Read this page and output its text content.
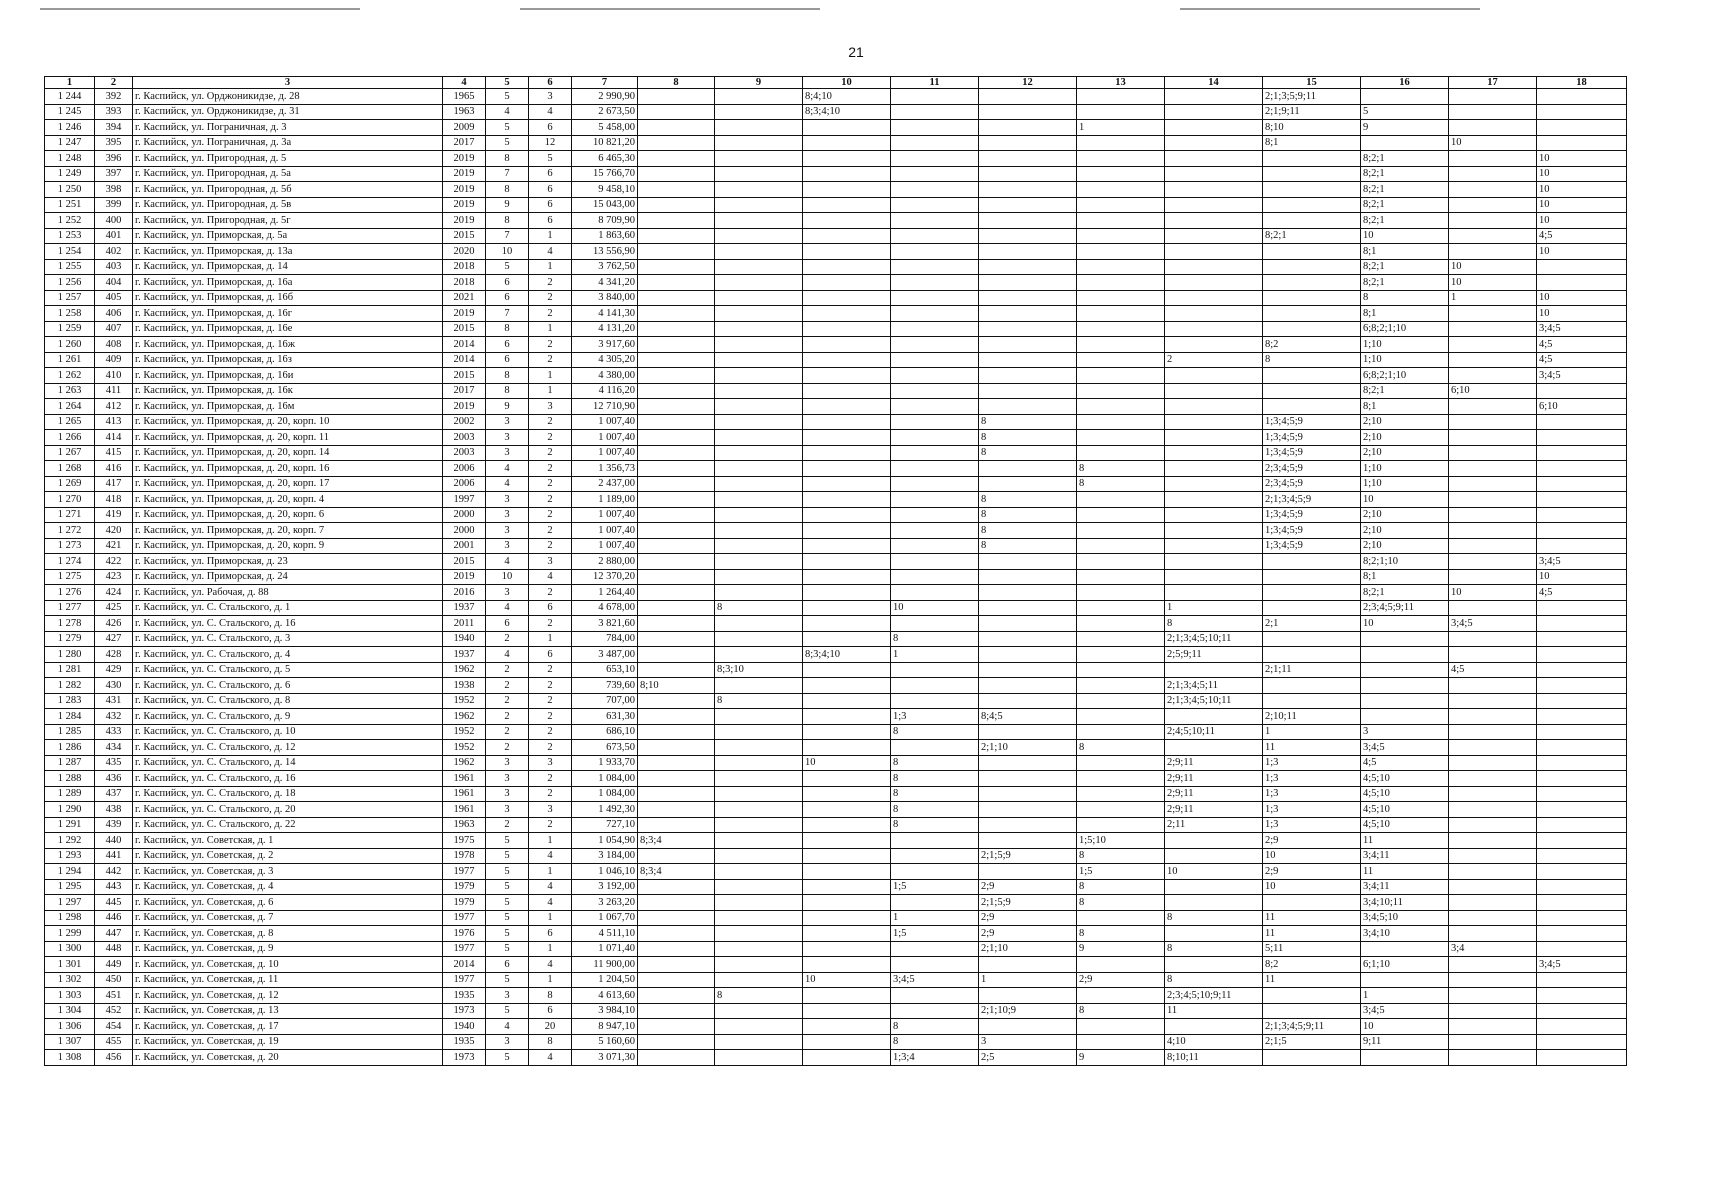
21
1	2	3	4	5	6	7	8	9	10	11	12	13	14	15	16	17	18
1 244	392	г. Каспийск, ул. Орджоникидзе, д. 28	1965	5	3	2 990,90			8;4;10					2;1;3;5;9;11			
1 245	393	г. Каспийск, ул. Орджоникидзе, д. 31	1963	4	4	2 673,50			8;3;4;10					2;1;9;11	5		
1 246	394	г. Каспийск, ул. Пограничная, д. 3	2009	5	6	5 458,00						1		8;10	9		
1 247	395	г. Каспийск, ул. Пограничная, д. 3а	2017	5	12	10 821,20								8;1		10	
1 248	396	г. Каспийск, ул. Пригородная, д. 5	2019	8	5	6 465,30									8;2;1		10
1 249	397	г. Каспийск, ул. Пригородная, д. 5а	2019	7	6	15 766,70									8;2;1		10
1 250	398	г. Каспийск, ул. Пригородная, д. 5б	2019	8	6	9 458,10									8;2;1		10
1 251	399	г. Каспийск, ул. Пригородная, д. 5в	2019	9	6	15 043,00									8;2;1		10
1 252	400	г. Каспийск, ул. Пригородная, д. 5г	2019	8	6	8 709,90									8;2;1		10
1 253	401	г. Каспийск, ул. Приморская, д. 5а	2015	7	1	1 863,60								8;2;1	10		4;5
1 254	402	г. Каспийск, ул. Приморская, д. 13а	2020	10	4	13 556,90									8;1		10
1 255	403	г. Каспийск, ул. Приморская, д. 14	2018	5	1	3 762,50									8;2;1	10	
1 256	404	г. Каспийск, ул. Приморская, д. 16а	2018	6	2	4 341,20									8;2;1	10	
1 257	405	г. Каспийск, ул. Приморская, д. 16б	2021	6	2	3 840,00									8	1	10
1 258	406	г. Каспийск, ул. Приморская, д. 16г	2019	7	2	4 141,30									8;1		10
1 259	407	г. Каспийск, ул. Приморская, д. 16е	2015	8	1	4 131,20									6;8;2;1;10		3;4;5
1 260	408	г. Каспийск, ул. Приморская, д. 16ж	2014	6	2	3 917,60								8;2	1;10		4;5
1 261	409	г. Каспийск, ул. Приморская, д. 16з	2014	6	2	4 305,20							2	8	1;10		4;5
1 262	410	г. Каспийск, ул. Приморская, д. 16и	2015	8	1	4 380,00									6;8;2;1;10		3;4;5
1 263	411	г. Каспийск, ул. Приморская, д. 16к	2017	8	1	4 116,20									8;2;1	6;10	
1 264	412	г. Каспийск, ул. Приморская, д. 16м	2019	9	3	12 710,90									8;1		6;10
1 265	413	г. Каспийск, ул. Приморская, д. 20, корп. 10	2002	3	2	1 007,40					8			1;3;4;5;9	2;10		
1 266	414	г. Каспийск, ул. Приморская, д. 20, корп. 11	2003	3	2	1 007,40					8			1;3;4;5;9	2;10		
1 267	415	г. Каспийск, ул. Приморская, д. 20, корп. 14	2003	3	2	1 007,40					8			1;3;4;5;9	2;10		
1 268	416	г. Каспийск, ул. Приморская, д. 20, корп. 16	2006	4	2	1 356,73						8		2;3;4;5;9	1;10		
1 269	417	г. Каспийск, ул. Приморская, д. 20, корп. 17	2006	4	2	2 437,00						8		2;3;4;5;9	1;10		
1 270	418	г. Каспийск, ул. Приморская, д. 20, корп. 4	1997	3	2	1 189,00					8			2;1;3;4;5;9	10		
1 271	419	г. Каспийск, ул. Приморская, д. 20, корп. 6	2000	3	2	1 007,40					8			1;3;4;5;9	2;10		
1 272	420	г. Каспийск, ул. Приморская, д. 20, корп. 7	2000	3	2	1 007,40					8			1;3;4;5;9	2;10		
1 273	421	г. Каспийск, ул. Приморская, д. 20, корп. 9	2001	3	2	1 007,40					8			1;3;4;5;9	2;10		
1 274	422	г. Каспийск, ул. Приморская, д. 23	2015	4	3	2 880,00									8;2;1;10		3;4;5
1 275	423	г. Каспийск, ул. Приморская, д. 24	2019	10	4	12 370,20									8;1		10
1 276	424	г. Каспийск, ул. Рабочая, д. 88	2016	3	2	1 264,40									8;2;1	10	4;5
1 277	425	г. Каспийск, ул. С. Стальского, д. 1	1937	4	6	4 678,00		8		10			1		2;3;4;5;9;11		
1 278	426	г. Каспийск, ул. С. Стальского, д. 16	2011	6	2	3 821,60							8	2;1	10	3;4;5	
1 279	427	г. Каспийск, ул. С. Стальского, д. 3	1940	2	1	784,00				8			2;1;3;4;5;10;11				
1 280	428	г. Каспийск, ул. С. Стальского, д. 4	1937	4	6	3 487,00			8;3;4;10	1			2;5;9;11				
1 281	429	г. Каспийск, ул. С. Стальского, д. 5	1962	2	2	653,10		8;3;10						2;1;11		4;5	
1 282	430	г. Каспийск, ул. С. Стальского, д. 6	1938	2	2	739,60	8;10						2;1;3;4;5;11				
1 283	431	г. Каспийск, ул. С. Стальского, д. 8	1952	2	2	707,00		8					2;1;3;4;5;10;11				
1 284	432	г. Каспийск, ул. С. Стальского, д. 9	1962	2	2	631,30				1;3	8;4;5			2;10;11			
1 285	433	г. Каспийск, ул. С. Стальского, д. 10	1952	2	2	686,10				8			2;4;5;10;11	1	3		
1 286	434	г. Каспийск, ул. С. Стальского, д. 12	1952	2	2	673,50					2;1;10	8		11	3;4;5		
1 287	435	г. Каспийск, ул. С. Стальского, д. 14	1962	3	3	1 933,70			10	8			2;9;11	1;3	4;5		
1 288	436	г. Каспийск, ул. С. Стальского, д. 16	1961	3	2	1 084,00				8			2;9;11	1;3	4;5;10		
1 289	437	г. Каспийск, ул. С. Стальского, д. 18	1961	3	2	1 084,00				8			2;9;11	1;3	4;5;10		
1 290	438	г. Каспийск, ул. С. Стальского, д. 20	1961	3	3	1 492,30				8			2;9;11	1;3	4;5;10		
1 291	439	г. Каспийск, ул. С. Стальского, д. 22	1963	2	2	727,10				8			2;11	1;3	4;5;10		
1 292	440	г. Каспийск, ул. Советская, д. 1	1975	5	1	1 054,90	8;3;4					1;5;10		2;9	11		
1 293	441	г. Каспийск, ул. Советская, д. 2	1978	5	4	3 184,00					2;1;5;9	8		10	3;4;11		
1 294	442	г. Каспийск, ул. Советская, д. 3	1977	5	1	1 046,10	8;3;4					1;5	10	2;9	11		
1 295	443	г. Каспийск, ул. Советская, д. 4	1979	5	4	3 192,00				1;5	2;9	8		10	3;4;11		
1 297	445	г. Каспийск, ул. Советская, д. 6	1979	5	4	3 263,20					2;1;5;9	8			3;4;10;11		
1 298	446	г. Каспийск, ул. Советская, д. 7	1977	5	1	1 067,70				1	2;9		8	11	3;4;5;10		
1 299	447	г. Каспийск, ул. Советская, д. 8	1976	5	6	4 511,10				1;5	2;9	8		11	3;4;10		
1 300	448	г. Каспийск, ул. Советская, д. 9	1977	5	1	1 071,40					2;1;10	9	8	5;11		3;4	
1 301	449	г. Каспийск, ул. Советская, д. 10	2014	6	4	11 900,00								8;2	6;1;10		3;4;5
1 302	450	г. Каспийск, ул. Советская, д. 11	1977	5	1	1 204,50			10	3;4;5	1	2;9	8	11			
1 303	451	г. Каспийск, ул. Советская, д. 12	1935	3	8	4 613,60		8					2;3;4;5;10;9;11		1		
1 304	452	г. Каспийск, ул. Советская, д. 13	1973	5	6	3 984,10					2;1;10;9	8	11		3;4;5		
1 306	454	г. Каспийск, ул. Советская, д. 17	1940	4	20	8 947,10				8				2;1;3;4;5;9;11	10		
1 307	455	г. Каспийск, ул. Советская, д. 19	1935	3	8	5 160,60				8	3		4;10	2;1;5	9;11		
1 308	456	г. Каспийск, ул. Советская, д. 20	1973	5	4	3 071,30				1;3;4	2;5	9	8;10;11				
